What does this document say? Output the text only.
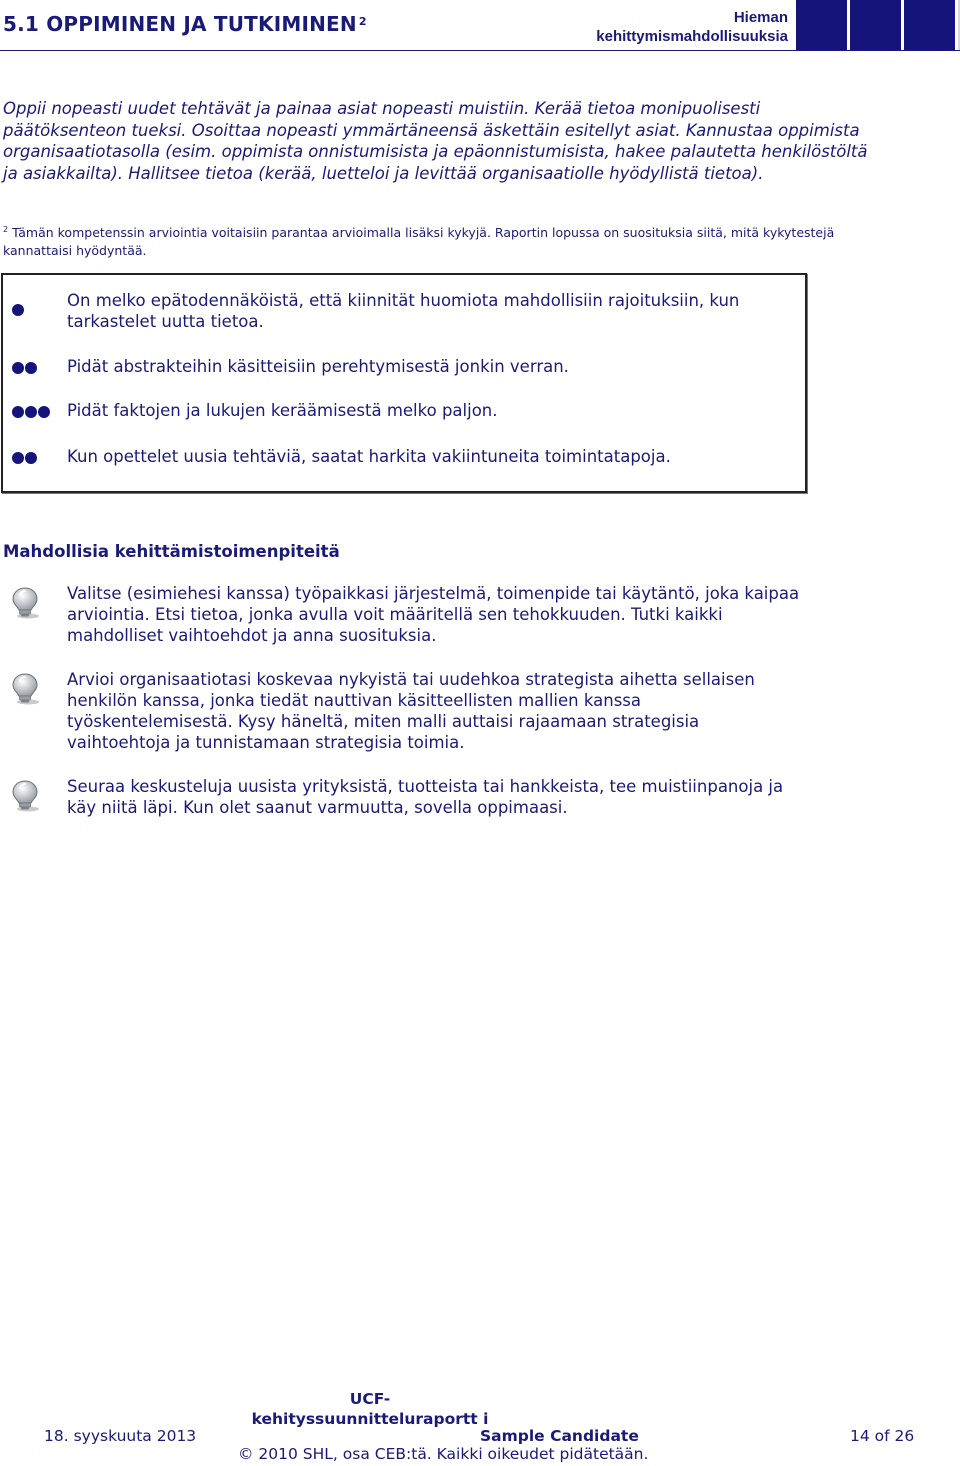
5.1 OPPIMINEN JA TUTKIMINEN $^2$	Hieman
kehittymismahdollisuuksia
Oppii nopeasti uudet tehtävät ja painaa asiat nopeasti muistiin. Kerää tietoa monipuolisesti päätöksenteon tueksi. Osoittaa nopeasti ymmärtäneensä äskettäin esitellyt asiat. Kannustaa oppimista organisaatiotasolla (esim. oppimista onnistumisista ja epäonnistumisista, hakee palautetta henkilöstöltä ja asiakkailta). Hallitsee tietoa (kerää, luetteloi ja levittää organisaatiolle hyödyllistä tietoa).
$^2$ Tämän kompetenssin arviointia voitaisiin parantaa arvioimalla lisäksi kykyjä. Raportin lopussa on suosituksia siitä, mitä kykytestejä kannattaisi hyödyntää.
On melko epätodennäköistä, että kiinnität huomiota mahdollisiin rajoituksiin, kun tarkastelet uutta tietoa.
Pidät abstrakteihin käsitteisiin perehtymisestä jonkin verran.
Pidät faktojen ja lukujen keräämisestä melko paljon.
Kun opettelet uusia tehtäviä, saatat harkita vakiintuneita toimintatapoja.
Mahdollisia kehittämistoimenpiteitä
Valitse (esimiehesi kanssa) työpaikkasi järjestelmä, toimenpide tai käytäntö, joka kaipaa arviointia. Etsi tietoa, jonka avulla voit määritellä sen tehokkuuden. Tutki kaikki mahdolliset vaihtoehdot ja anna suosituksia.
Arvioi organisaatiotasi koskevaa nykyistä tai uudehkoa strategista aihetta sellaisen henkilön kanssa, jonka tiedät nauttivan käsitteellisten mallien kanssa työskentelemisestä. Kysy häneltä, miten malli auttaisi rajaamaan strategisia vaihtoehtoja ja tunnistamaan strategisia toimia.
Seuraa keskusteluja uusista yrityksistä, tuotteista tai hankkeista, tee muistiinpanoja ja käy niitä läpi. Kun olet saanut varmuutta, sovella oppimaasi.
18. syyskuuta 2013
UCF-kehityssuunnitteluraportt i
Sample Candidate	14 of 26
© 2010 SHL, osa CEB:tä. Kaikki oikeudet pidätetään.
